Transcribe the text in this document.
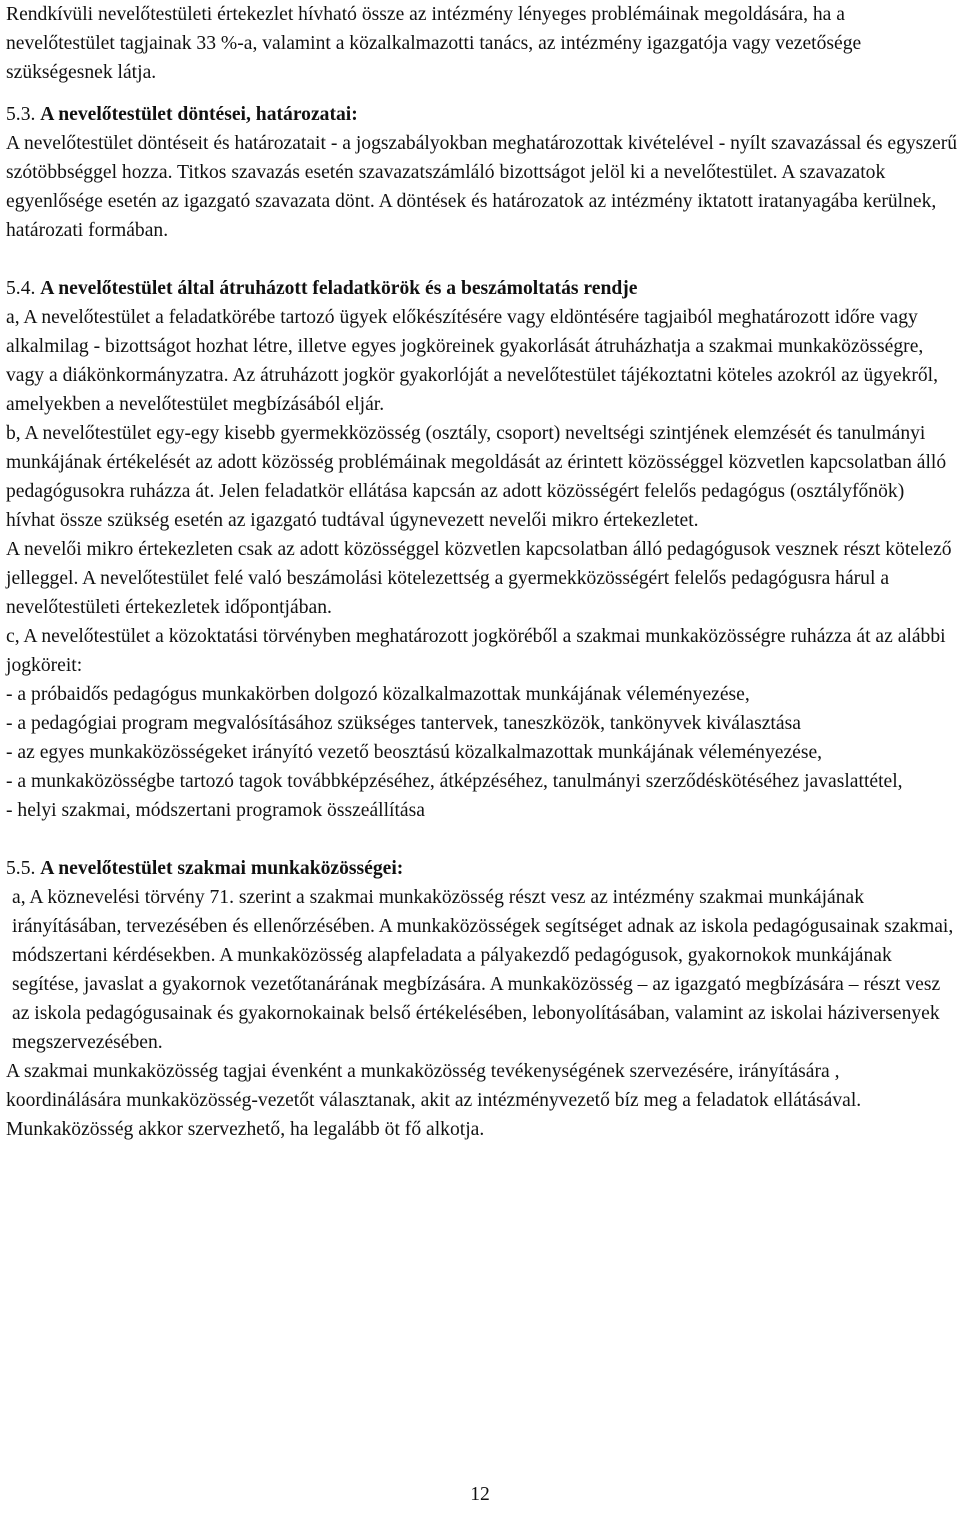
Rendkívüli nevelőtestületi értekezlet hívható össze az intézmény lényeges problémáinak megoldására, ha a nevelőtestület tagjainak 33 %-a, valamint a közalkalmazotti tanács, az intézmény igazgatója vagy vezetősége szükségesnek látja.

5.3. A nevelőtestület döntései, határozatai:

A nevelőtestület döntéseit és határozatait - a jogszabályokban meghatározottak kivételével - nyílt szavazással és egyszerű szótöbbséggel hozza. Titkos szavazás esetén szavazatszámláló bizottságot jelöl ki a nevelőtestület. A szavazatok egyenlősége esetén az igazgató szavazata dönt. A döntések és határozatok az intézmény iktatott iratanyagába kerülnek, határozati formában.

5.4. A nevelőtestület által átruházott feladatkörök és a beszámoltatás rendje

a, A nevelőtestület a feladatkörébe tartozó ügyek előkészítésére vagy eldöntésére tagjaiból meghatározott időre vagy alkalmilag - bizottságot hozhat létre, illetve egyes jogköreinek gyakorlását átruházhatja a szakmai munkaközösségre, vagy a diákönkormányzatra. Az átruházott jogkör gyakorlóját a nevelőtestület tájékoztatni köteles azokról az ügyekről, amelyekben a nevelőtestület megbízásából eljár.

b, A nevelőtestület egy-egy kisebb gyermekközösség (osztály, csoport) neveltségi szintjének elemzését és tanulmányi munkájának értékelését az adott közösség problémáinak megoldását az érintett közösséggel közvetlen kapcsolatban álló pedagógusokra ruházza át. Jelen feladatkör ellátása kapcsán az adott közösségért felelős pedagógus (osztályfőnök) hívhat össze szükség esetén az igazgató tudtával úgynevezett nevelői mikro értekezletet.

A nevelői mikro értekezleten csak az adott közösséggel közvetlen kapcsolatban álló pedagógusok vesznek részt kötelező jelleggel. A nevelőtestület felé való beszámolási kötelezettség a gyermekközösségért felelős pedagógusra hárul a nevelőtestületi értekezletek időpontjában.

c, A nevelőtestület a közoktatási törvényben meghatározott jogköréből a szakmai munkaközösségre ruházza át az alábbi jogköreit:

- a próbaidős pedagógus munkakörben dolgozó közalkalmazottak munkájának véleményezése,

- a pedagógiai program megvalósításához szükséges tantervek, taneszközök, tankönyvek kiválasztása

- az egyes munkaközösségeket irányító vezető beosztású közalkalmazottak munkájának véleményezése,

- a munkaközösségbe tartozó tagok továbbképzéséhez, átképzéséhez, tanulmányi szerződéskötéséhez javaslattétel,

- helyi szakmai, módszertani programok összeállítása

5.5. A nevelőtestület szakmai munkaközösségei:

a, A köznevelési törvény 71. szerint a szakmai munkaközösség részt vesz az intézmény szakmai munkájának irányításában, tervezésében és ellenőrzésében. A munkaközösségek segítséget adnak az iskola pedagógusainak szakmai, módszertani kérdésekben. A munkaközösség alapfeladata a pályakezdő pedagógusok, gyakornokok munkájának segítése, javaslat a gyakornok vezetőtanárának megbízására. A munkaközösség – az igazgató megbízására – részt vesz az iskola pedagógusainak és gyakornokainak belső értékelésében, lebonyolításában, valamint az iskolai háziversenyek megszervezésében.

A szakmai munkaközösség tagjai évenként a munkaközösség tevékenységének szervezésére, irányítására , koordinálására munkaközösség-vezetőt választanak, akit az intézményvezető bíz meg a feladatok ellátásával. Munkaközösség akkor szervezhető, ha legalább öt fő alkotja.

12
